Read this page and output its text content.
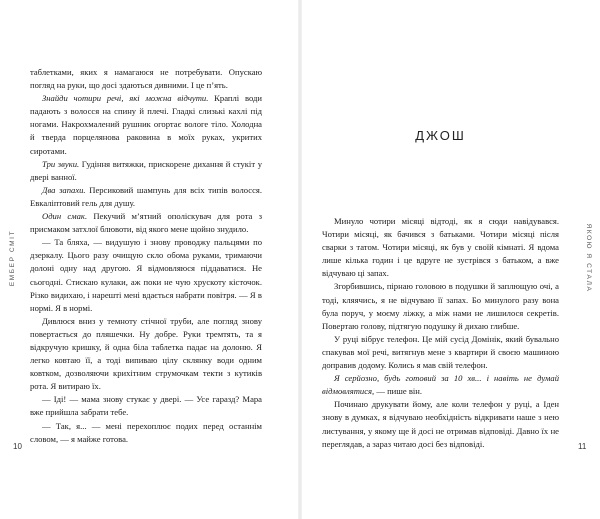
ЕМБЕР СМІТ

таблетками, яких я намагаюся не потребувати. Опускаю погляд на руки, що досі здаються дивними. І це п’ять.

Знайди чотири речі, які можна відчути. Краплі води падають з волосся на спину й плечі. Гладкі слизькі кахлі під ногами. Накрохмалений рушник огортає вологе тіло. Холодна й тверда порцелянова раковина в моїх руках, укритих сиротами.

Три звуки. Гудіння витяжки, прискорене дихання й стукіт у двері ванної.

Два запахи. Персиковий шампунь для всіх типів волосся. Евкаліптовий гель для душу.

Один смак. Пекучий м’ятний ополіскувач для рота з присмаком затхлої блювоти, від якого мене щойно знудило.

— Та бляха, — видушую і знову проводжу пальцями по дзеркалу. Цього разу очищую скло обома руками, тримаючи долоні одну над другою. Я відмовляюся піддаватися. Не сьогодні. Стискаю кулаки, аж поки не чую хрускоту кісточок. Різко видихаю, і нарешті мені вдається набрати повітря. — Я в нормі. Я в нормі.

Дивлюся вниз у темноту стічної труби, але погляд знову повертається до пляшечки. Ну добре. Руки тремтять, та я відкручую кришку, й одна біла таблетка падає на долоню. Я легко ковтаю її, а тоді випиваю цілу склянку води одним ковтком, дозволяючи крихітним струмочкам текти з кутиків рота. Я витираю їх.

— Іді! — мама знову стукає у двері. — Усе гаразд? Мара вже прийшла забрати тебе.

— Так, я... — мені перехоплює подих перед останнім словом, — я майже готова.

10
ДЖОШ

Минуло чотири місяці відтоді, як я сюди навідувався. Чотири місяці, як бачився з батьками. Чотири місяці після сварки з татом. Чотири місяці, як був у своїй кімнаті. Я вдома лише кілька годин і це вдруге не зустрівся з батьком, а вже відчуваю ці запах.

Згорбившись, пірнаю головою в подушки й заплющую очі, а тоді, кляячись, я не відчуваю її запах. Бо минулого разу вона була поруч, у моєму ліжку, а між нами не лишилося секретів. Повертаю голову, підтягую подушку й дихаю глибше.

У руці вібрує телефон. Це мій сусід Домінік, який бувально спакував мої речі, витягнув мене з квартири й своєю машиною доправив додому. Колись я мав свій телефон.

Я серйозно, будь готовий за 10 хв... і навіть не думай відмовлятися, — пише він.

Починаю друкувати йому, але коли телефон у руці, а Іден знову в думках, я відчуваю необхідність відкривати наше з нею листування, у якому ще й досі не отримав відповіді. Давно їх не переглядав, а зараз читаю досі без відповіді.

ЯКОЮ Я СТАЛА
11
